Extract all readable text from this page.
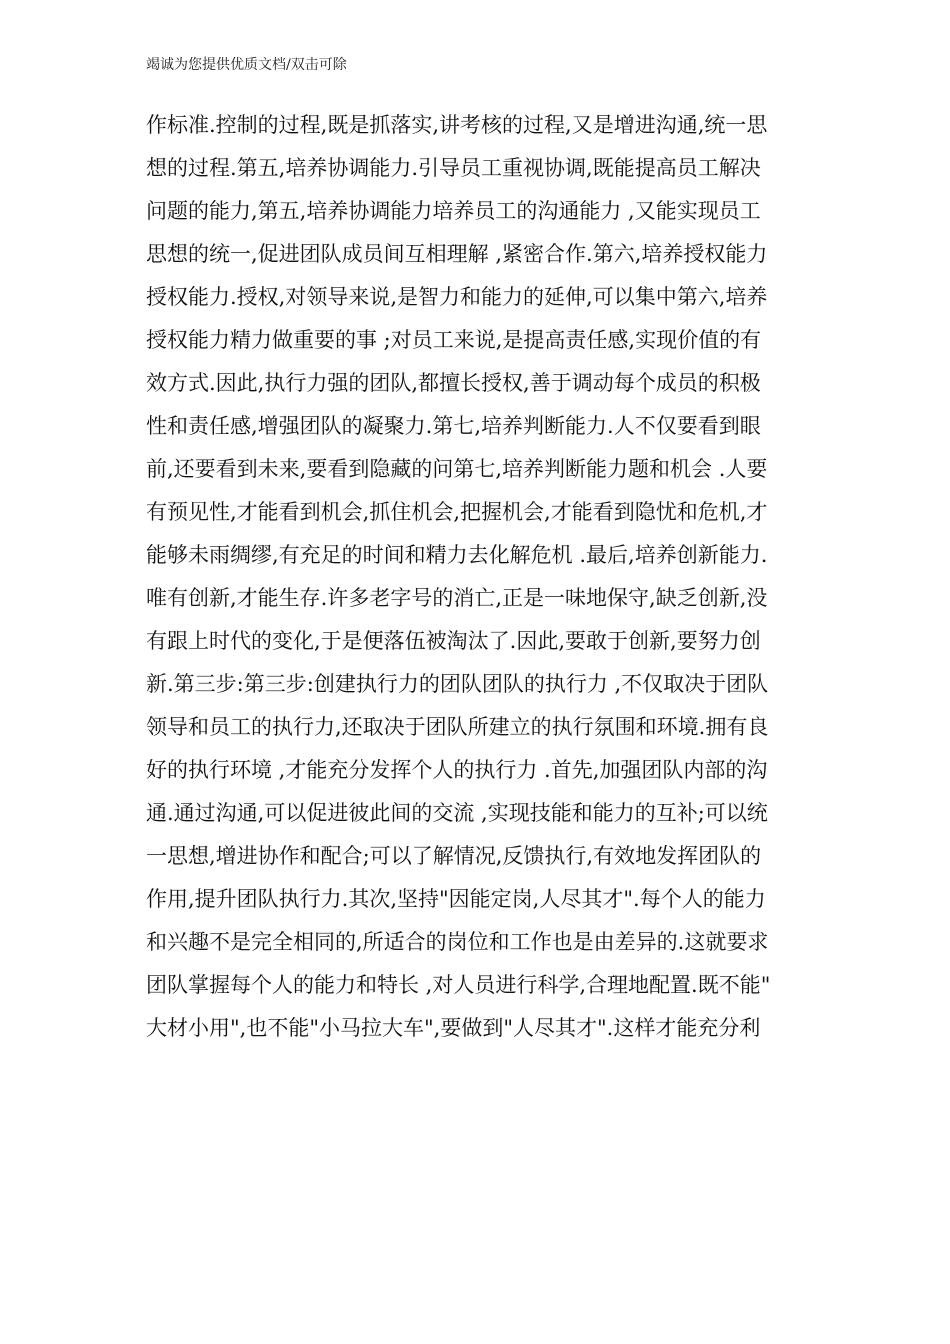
竭诚为您提供优质文档/双击可除
作标准.控制的过程,既是抓落实,讲考核的过程,又是增进沟通,统一思
想的过程.第五,培养协调能力.引导员工重视协调,既能提高员工解决
问题的能力,第五,培养协调能力培养员工的沟通能力 ,又能实现员工
思想的统一,促进团队成员间互相理解 ,紧密合作.第六,培养授权能力
授权能力.授权,对领导来说,是智力和能力的延伸,可以集中第六,培养
授权能力精力做重要的事 ;对员工来说,是提高责任感,实现价值的有
效方式.因此,执行力强的团队,都擅长授权,善于调动每个成员的积极
性和责任感,增强团队的凝聚力.第七,培养判断能力.人不仅要看到眼
前,还要看到未来,要看到隐藏的问第七,培养判断能力题和机会 .人要
有预见性,才能看到机会,抓住机会,把握机会,才能看到隐忧和危机,才
能够未雨绸缪,有充足的时间和精力去化解危机 .最后,培养创新能力.
唯有创新,才能生存.许多老字号的消亡,正是一味地保守,缺乏创新,没
有跟上时代的变化,于是便落伍被淘汰了.因此,要敢于创新,要努力创
新.第三步:第三步:创建执行力的团队团队的执行力 ,不仅取决于团队
领导和员工的执行力,还取决于团队所建立的执行氛围和环境.拥有良
好的执行环境 ,才能充分发挥个人的执行力 .首先,加强团队内部的沟
通.通过沟通,可以促进彼此间的交流 ,实现技能和能力的互补;可以统
一思想,增进协作和配合;可以了解情况,反馈执行,有效地发挥团队的
作用,提升团队执行力.其次,坚持"因能定岗,人尽其才".每个人的能力
和兴趣不是完全相同的,所适合的岗位和工作也是由差异的.这就要求
团队掌握每个人的能力和特长 ,对人员进行科学,合理地配置.既不能"
大材小用",也不能"小马拉大车",要做到"人尽其才".这样才能充分利
